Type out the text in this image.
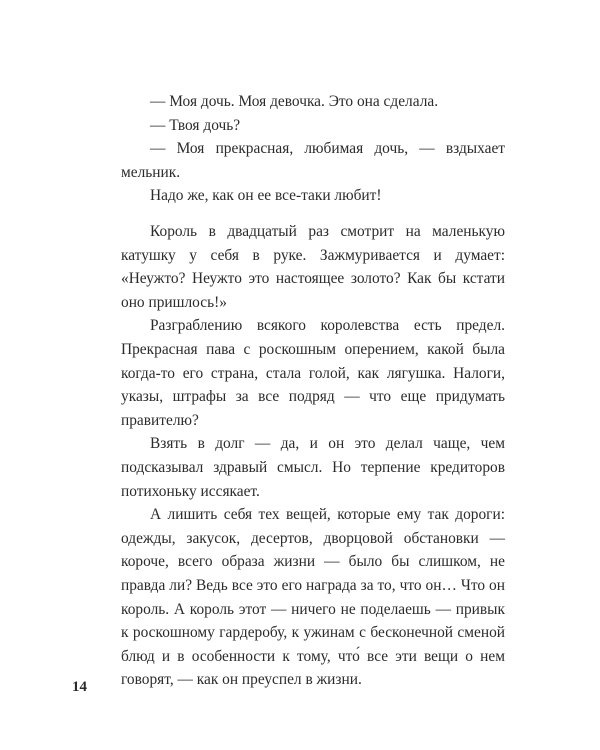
— Моя дочь. Моя девочка. Это она сделала.

— Твоя дочь?

— Моя прекрасная, любимая дочь, — вздыхает мельник.

Надо же, как он ее все-таки любит!

Король в двадцатый раз смотрит на маленькую катушку у себя в руке. Зажмуривается и думает: «Неужто? Неужто это настоящее золото? Как бы кстати оно пришлось!»

Разграблению всякого королевства есть предел. Прекрасная пава с роскошным оперением, какой была когда-то его страна, стала голой, как лягушка. Налоги, указы, штрафы за все подряд — что еще придумать правителю?

Взять в долг — да, и он это делал чаще, чем подсказывал здравый смысл. Но терпение кредиторов потихоньку иссякает.

А лишить себя тех вещей, которые ему так дороги: одежды, закусок, десертов, дворцовой обстановки — короче, всего образа жизни — было бы слишком, не правда ли? Ведь все это его награда за то, что он… Что он король. А король этот — ничего не поделаешь — привык к роскошному гардеробу, к ужинам с бесконечной сменой блюд и в особенности к тому, что́ все эти вещи о нем говорят, — как он преуспел в жизни.

14
